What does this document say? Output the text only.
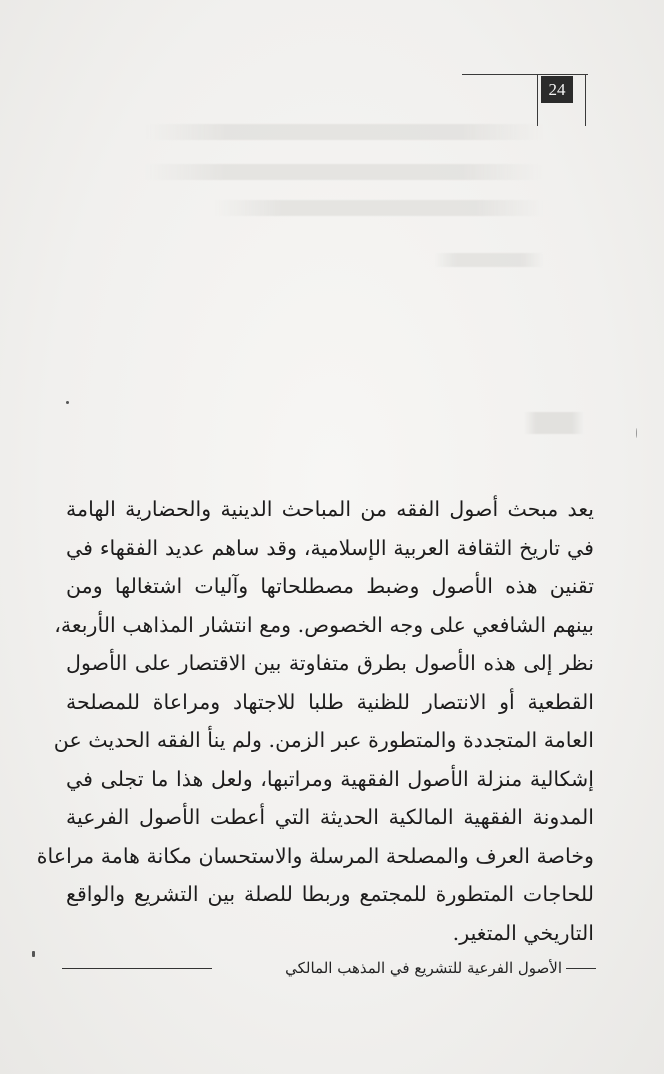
24
يعد مبحث أصول الفقه من المباحث الدينية والحضارية الهامة
في تاريخ الثقافة العربية الإسلامية، وقد ساهم عديد الفقهاء في
تقنين هذه الأصول وضبط مصطلحاتها وآليات اشتغالها ومن
بينهم الشافعي على وجه الخصوص. ومع انتشار المذاهب الأربعة،
نظر إلى هذه الأصول بطرق متفاوتة بين الاقتصار على الأصول
القطعية أو الانتصار للظنية طلبا للاجتهاد ومراعاة للمصلحة
العامة المتجددة والمتطورة عبر الزمن. ولم ينأ الفقه الحديث عن
إشكالية منزلة الأصول الفقهية ومراتبها، ولعل هذا ما تجلى في
المدونة الفقهية المالكية الحديثة التي أعطت الأصول الفرعية
وخاصة العرف والمصلحة المرسلة والاستحسان مكانة هامة مراعاة
للحاجات المتطورة للمجتمع وربطا للصلة بين التشريع والواقع
التاريخي المتغير.
الأصول الفرعية للتشريع في المذهب المالكي
